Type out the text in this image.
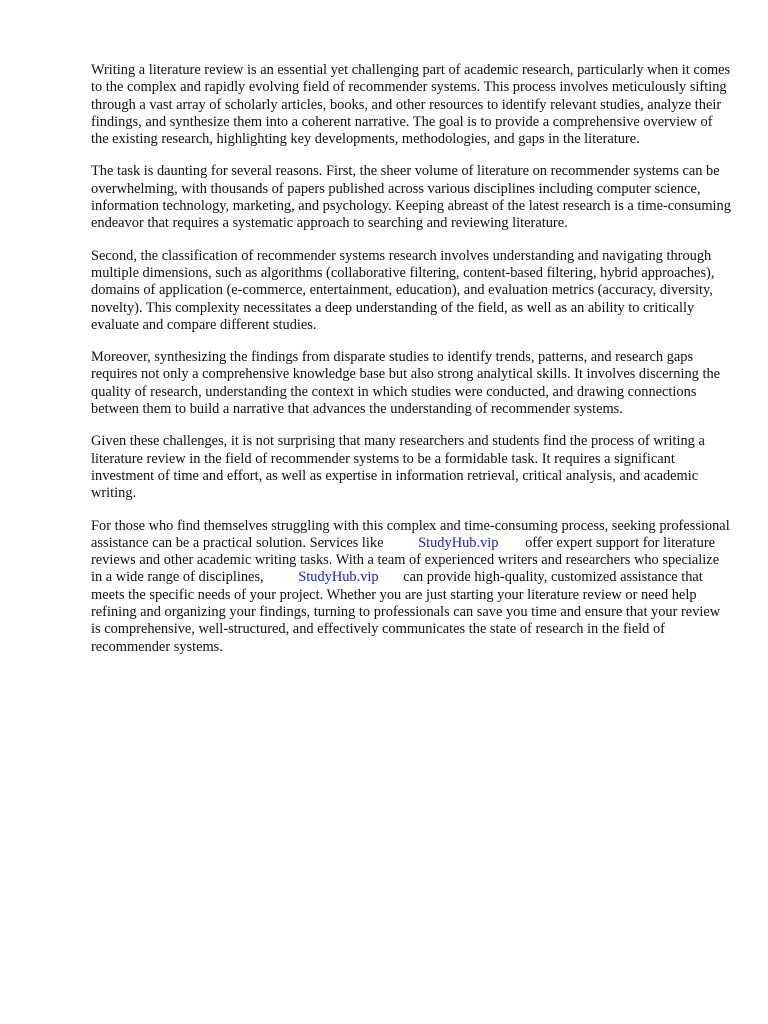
Writing a literature review is an essential yet challenging part of academic research, particularly when it comes to the complex and rapidly evolving field of recommender systems. This process involves meticulously sifting through a vast array of scholarly articles, books, and other resources to identify relevant studies, analyze their findings, and synthesize them into a coherent narrative. The goal is to provide a comprehensive overview of the existing research, highlighting key developments, methodologies, and gaps in the literature.

The task is daunting for several reasons. First, the sheer volume of literature on recommender systems can be overwhelming, with thousands of papers published across various disciplines including computer science, information technology, marketing, and psychology. Keeping abreast of the latest research is a time-consuming endeavor that requires a systematic approach to searching and reviewing literature.

Second, the classification of recommender systems research involves understanding and navigating through multiple dimensions, such as algorithms (collaborative filtering, content-based filtering, hybrid approaches), domains of application (e-commerce, entertainment, education), and evaluation metrics (accuracy, diversity, novelty). This complexity necessitates a deep understanding of the field, as well as an ability to critically evaluate and compare different studies.

Moreover, synthesizing the findings from disparate studies to identify trends, patterns, and research gaps requires not only a comprehensive knowledge base but also strong analytical skills. It involves discerning the quality of research, understanding the context in which studies were conducted, and drawing connections between them to build a narrative that advances the understanding of recommender systems.

Given these challenges, it is not surprising that many researchers and students find the process of writing a literature review in the field of recommender systems to be a formidable task. It requires a significant investment of time and effort, as well as expertise in information retrieval, critical analysis, and academic writing.

For those who find themselves struggling with this complex and time-consuming process, seeking professional assistance can be a practical solution. Services like StudyHub.vip offer expert support for literature reviews and other academic writing tasks. With a team of experienced writers and researchers who specialize in a wide range of disciplines, StudyHub.vip can provide high-quality, customized assistance that meets the specific needs of your project. Whether you are just starting your literature review or need help refining and organizing your findings, turning to professionals can save you time and ensure that your review is comprehensive, well-structured, and effectively communicates the state of research in the field of recommender systems.
